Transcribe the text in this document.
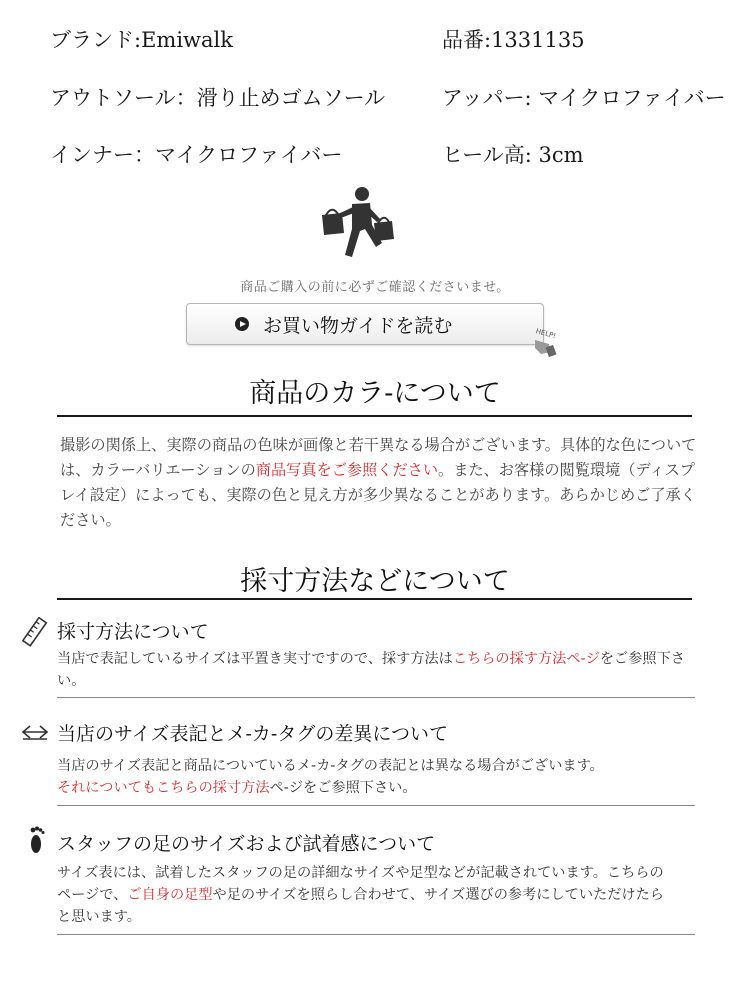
ブランド:Emiwalk	品番:1331135
アウトソール：滑り止めゴムソール	アッパー: マイクロファイバー
インナー：マイクロファイバー	ヒール高: 3cm
商品ご購入の前に必ずご確認くださいませ。
お買い物ガイドを読む	HELP!
商品のカラ-について
撮影の関係上、実際の商品の色味が画像と若干異なる場合がございます。具体的な色については、カラーバリエーションの商品写真をご参照ください。また、お客様の閲覧環境（ディスプレイ設定）によっても、実際の色と見え方が多少異なることがあります。あらかじめご了承ください。
採寸方法などについて
採寸方法について
当店で表記しているサイズは平置き実寸ですので、採す方法はこちらの採す方法ペ-ジをご参照下さい。
当店のサイズ表記とメ-カ-タグの差異について
当店のサイズ表記と商品についているメ-カ-タグの表記とは異なる場合がございます。
それについてもこちらの採寸方法ペ-ジをご参照下さい。
スタッフの足のサイズおよび試着感について
サイズ表には、試着したスタッフの足の詳細なサイズや足型などが記載されています。こちらのページで、ご自身の足型や足のサイズを照らし合わせて、サイズ選びの参考にしていただけたらと思います。
